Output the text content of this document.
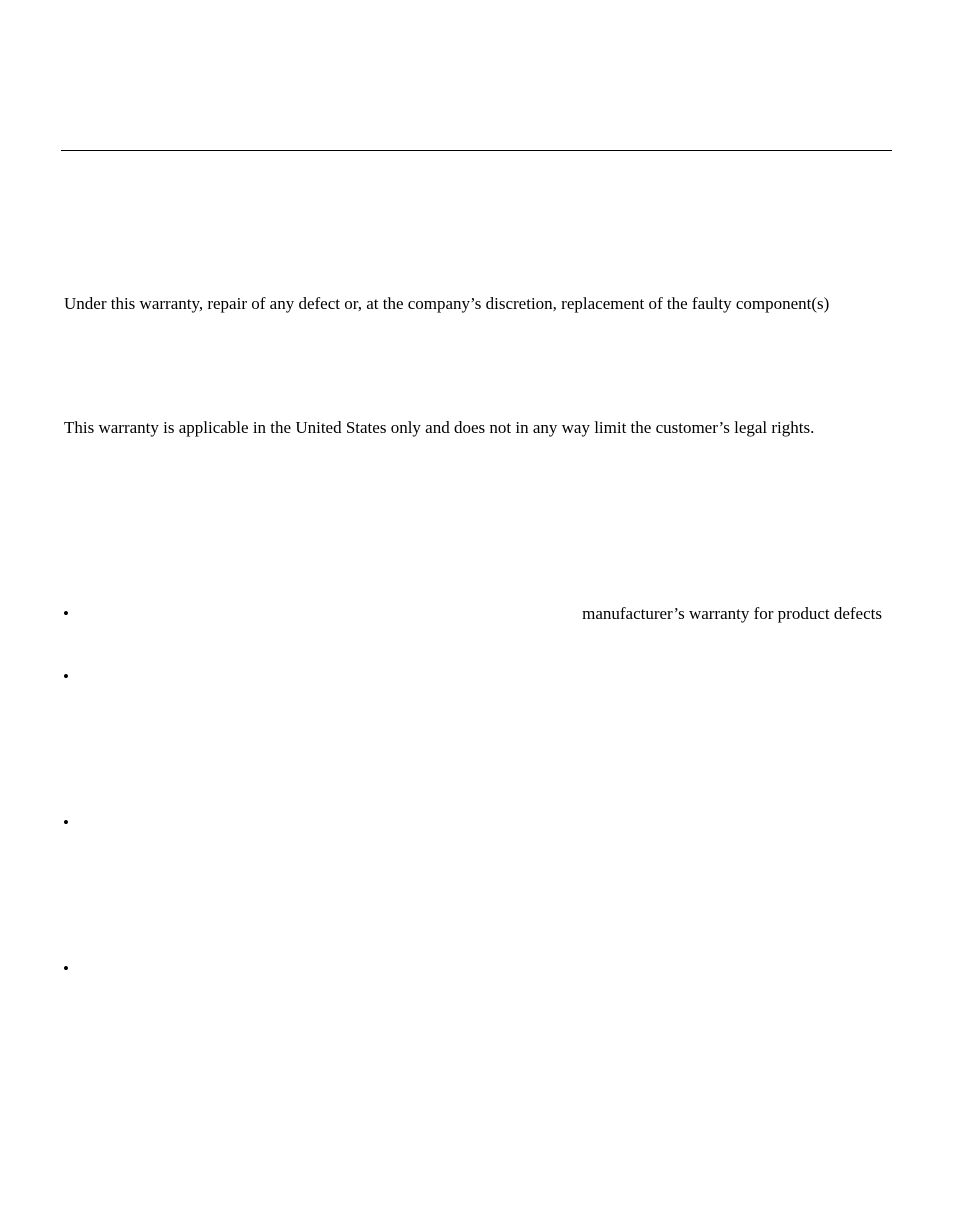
Under this warranty, repair of any defect or, at the company’s discretion, replacement of the faulty component(s)
This warranty is applicable in the United States only and does not in any way limit the customer’s legal rights.
•	manufacturer’s warranty for product defects
•
•
•
